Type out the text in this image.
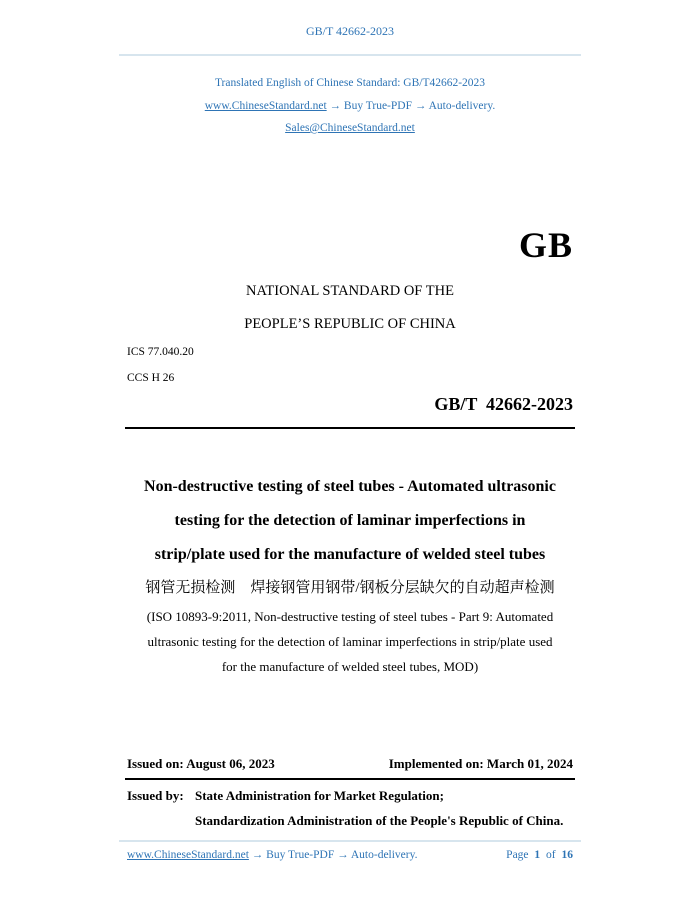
GB/T 42662-2023
Translated English of Chinese Standard: GB/T42662-2023
www.ChineseStandard.net → Buy True-PDF → Auto-delivery.
Sales@ChineseStandard.net
GB
NATIONAL STANDARD OF THE
PEOPLE’S REPUBLIC OF CHINA
ICS 77.040.20
CCS H 26
GB/T  42662-2023
Non-destructive testing of steel tubes - Automated ultrasonic
testing for the detection of laminar imperfections in
strip/plate used for the manufacture of welded steel tubes
钢管无损检测　焊接钢管用钢带/钢板分层缺欠的自动超声检测
(ISO 10893-9:2011, Non-destructive testing of steel tubes - Part 9: Automated
ultrasonic testing for the detection of laminar imperfections in strip/plate used
for the manufacture of welded steel tubes, MOD)
Issued on: August 06, 2023	Implemented on: March 01, 2024
Issued by: State Administration for Market Regulation;
Standardization Administration of the People's Republic of China.
www.ChineseStandard.net → Buy True-PDF → Auto-delivery.	Page 1 of 16
